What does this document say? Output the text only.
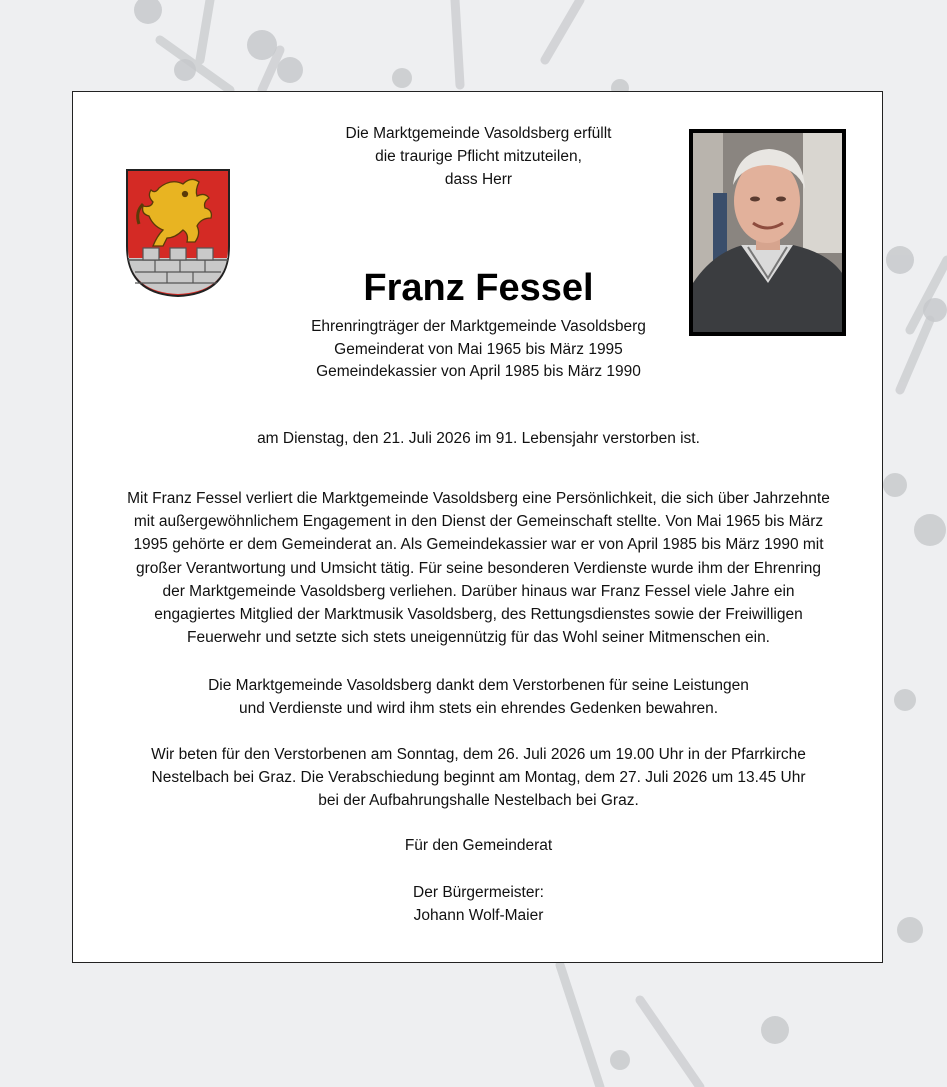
Die Marktgemeinde Vasoldsberg erfüllt
die traurige Pflicht mitzuteilen,
dass Herr
Franz Fessel
Ehrenringträger der Marktgemeinde Vasoldsberg
Gemeinderat von Mai 1965 bis März 1995
Gemeindekassier von April 1985 bis März 1990
am Dienstag, den 21. Juli 2026 im 91. Lebensjahr verstorben ist.
Mit Franz Fessel verliert die Marktgemeinde Vasoldsberg eine Persönlichkeit, die sich über Jahrzehnte
mit außergewöhnlichem Engagement in den Dienst der Gemeinschaft stellte. Von Mai 1965 bis März
1995 gehörte er dem Gemeinderat an. Als Gemeindekassier war er von April 1985 bis März 1990 mit
großer Verantwortung und Umsicht tätig. Für seine besonderen Verdienste wurde ihm der Ehrenring
der Marktgemeinde Vasoldsberg verliehen. Darüber hinaus war Franz Fessel viele Jahre ein
engagiertes Mitglied der Marktmusik Vasoldsberg, des Rettungsdienstes sowie der Freiwilligen
Feuerwehr und setzte sich stets uneigennützig für das Wohl seiner Mitmenschen ein.
Die Marktgemeinde Vasoldsberg dankt dem Verstorbenen für seine Leistungen
und Verdienste und wird ihm stets ein ehrendes Gedenken bewahren.
Wir beten für den Verstorbenen am Sonntag, dem 26. Juli 2026 um 19.00 Uhr in der Pfarrkirche
Nestelbach bei Graz. Die Verabschiedung beginnt am Montag, dem 27. Juli 2026 um 13.45 Uhr
bei der Aufbahrungshalle Nestelbach bei Graz.
Für den Gemeinderat
Der Bürgermeister:
Johann Wolf-Maier
